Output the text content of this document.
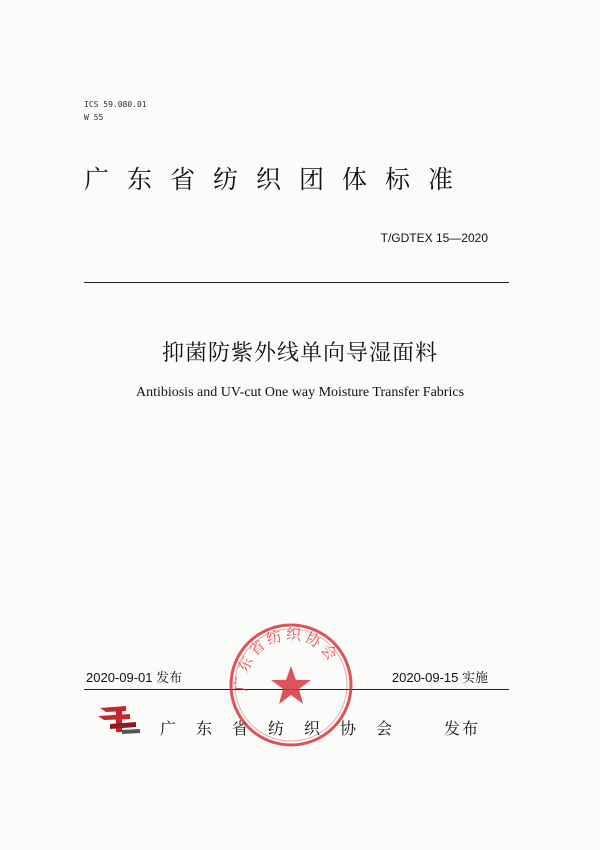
ICS 59.080.01
W 55
广东省纺织团体标准
T/GDTEX 15—2020
抑菌防紫外线单向导湿面料
Antibiosis and UV-cut One way Moisture Transfer Fabrics
2020-09-01 发布	2020-09-15 实施
广东省纺织协会 发布
广东省纺织协会
